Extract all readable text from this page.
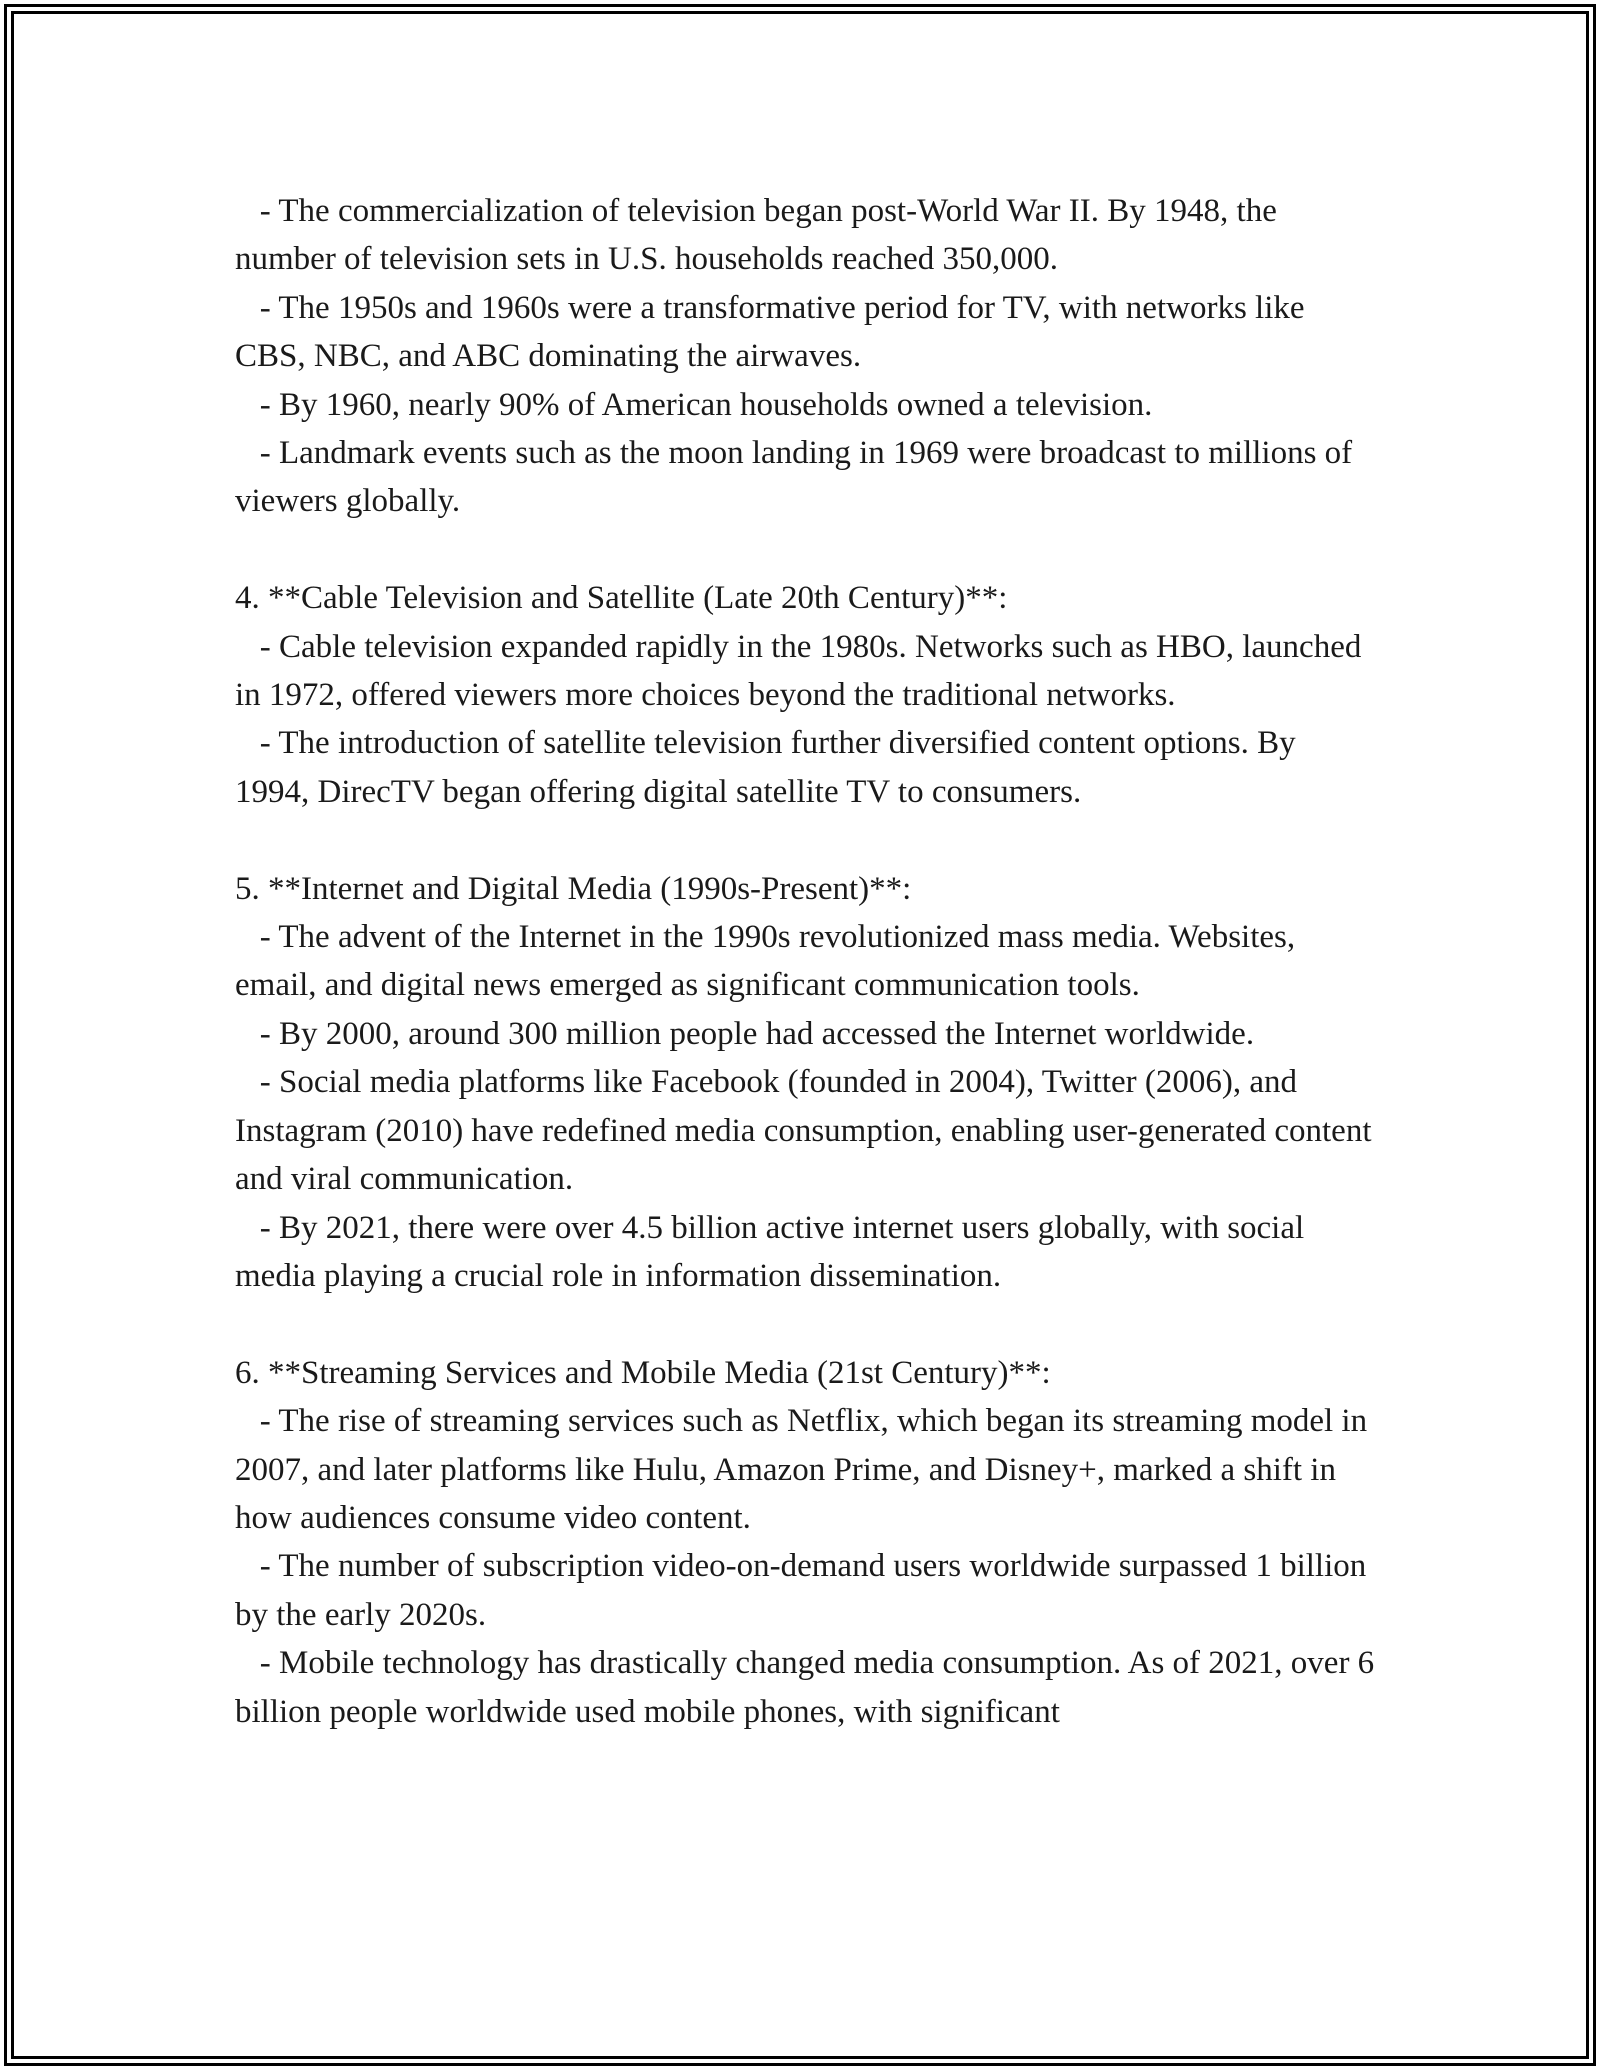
- The commercialization of television began post-World War II. By 1948, the number of television sets in U.S. households reached 350,000.

- The 1950s and 1960s were a transformative period for TV, with networks like CBS, NBC, and ABC dominating the airwaves.

- By 1960, nearly 90% of American households owned a television.

- Landmark events such as the moon landing in 1969 were broadcast to millions of viewers globally.

4. **Cable Television and Satellite (Late 20th Century)**:

- Cable television expanded rapidly in the 1980s. Networks such as HBO, launched in 1972, offered viewers more choices beyond the traditional networks.

- The introduction of satellite television further diversified content options. By 1994, DirecTV began offering digital satellite TV to consumers.

5. **Internet and Digital Media (1990s-Present)**:

- The advent of the Internet in the 1990s revolutionized mass media. Websites, email, and digital news emerged as significant communication tools.

- By 2000, around 300 million people had accessed the Internet worldwide.

- Social media platforms like Facebook (founded in 2004), Twitter (2006), and Instagram (2010) have redefined media consumption, enabling user-generated content and viral communication.

- By 2021, there were over 4.5 billion active internet users globally, with social media playing a crucial role in information dissemination.

6. **Streaming Services and Mobile Media (21st Century)**:

- The rise of streaming services such as Netflix, which began its streaming model in 2007, and later platforms like Hulu, Amazon Prime, and Disney+, marked a shift in how audiences consume video content.

- The number of subscription video-on-demand users worldwide surpassed 1 billion by the early 2020s.

- Mobile technology has drastically changed media consumption. As of 2021, over 6 billion people worldwide used mobile phones, with significant
